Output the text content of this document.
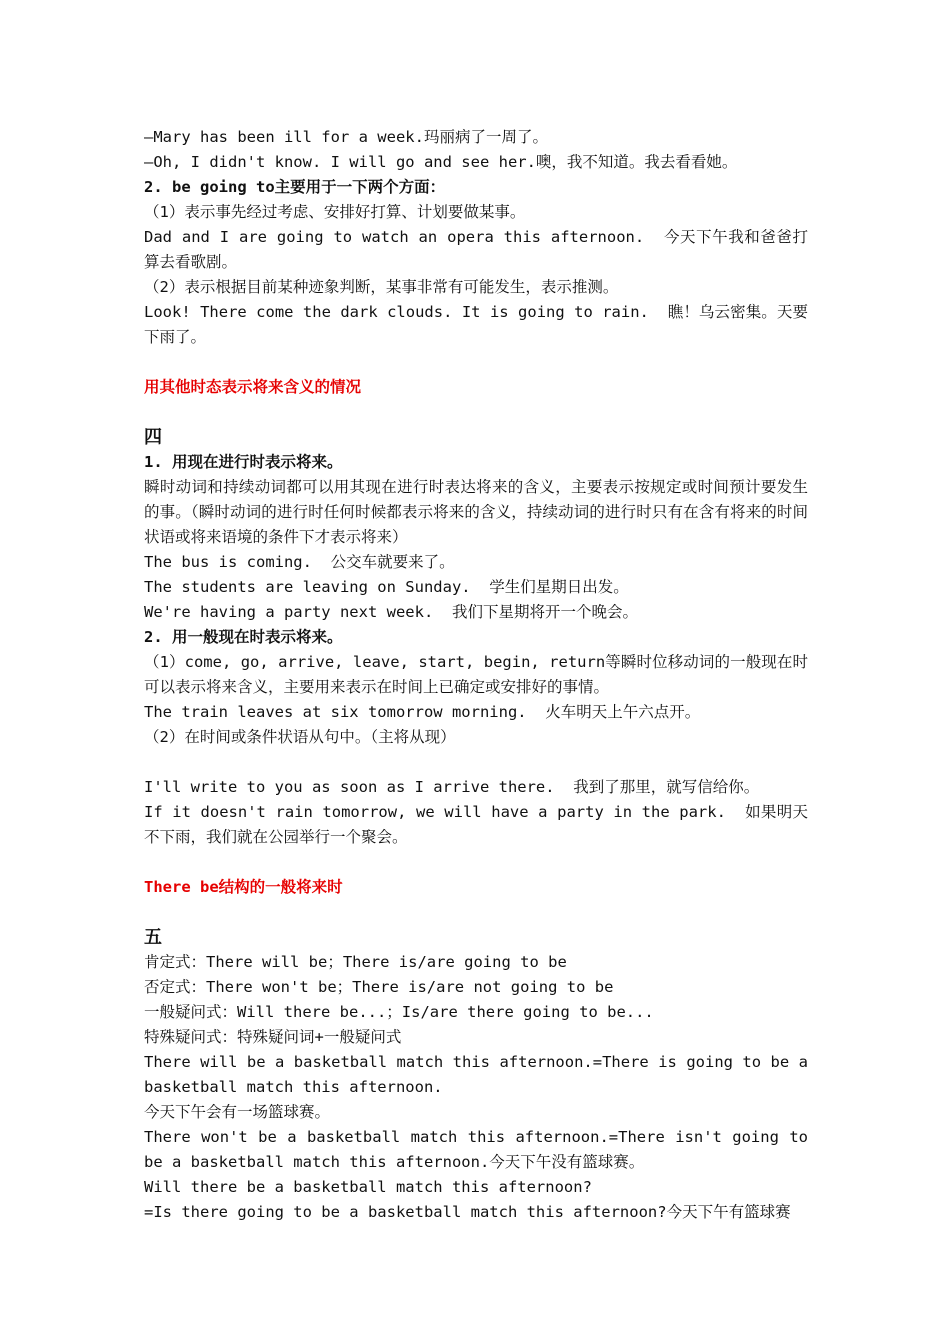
—Mary has been ill for a week.玛丽病了一周了。
—Oh, I didn't know. I will go and see her.噢，我不知道。我去看看她。
2. be going to主要用于一下两个方面：
（1）表示事先经过考虑、安排好打算、计划要做某事。
Dad and I are going to watch an opera this afternoon.  今天下午我和爸爸打算去看歌剧。
（2）表示根据目前某种迹象判断，某事非常有可能发生，表示推测。
Look! There come the dark clouds. It is going to rain.  瞧！乌云密集。天要下雨了。
用其他时态表示将来含义的情况
四
1. 用现在进行时表示将来。
瞬时动词和持续动词都可以用其现在进行时表达将来的含义，主要表示按规定或时间预计要发生的事。（瞬时动词的进行时任何时候都表示将来的含义，持续动词的进行时只有在含有将来的时间状语或将来语境的条件下才表示将来）
The bus is coming.  公交车就要来了。
The students are leaving on Sunday.  学生们星期日出发。
We're having a party next week.  我们下星期将开一个晚会。
2. 用一般现在时表示将来。
（1）come, go, arrive, leave, start, begin, return等瞬时位移动词的一般现在时可以表示将来含义，主要用来表示在时间上已确定或安排好的事情。
The train leaves at six tomorrow morning.  火车明天上午六点开。
（2）在时间或条件状语从句中。（主将从现）
I'll write to you as soon as I arrive there.  我到了那里，就写信给你。
If it doesn't rain tomorrow, we will have a party in the park.  如果明天不下雨，我们就在公园举行一个聚会。
There be结构的一般将来时
五
肯定式：There will be；There is/are going to be
否定式：There won't be；There is/are not going to be
一般疑问式：Will there be...；Is/are there going to be...
特殊疑问式：特殊疑问词+一般疑问式
There will be a basketball match this afternoon.=There is going to be a basketball match this afternoon.
今天下午会有一场篮球赛。
There won't be a basketball match this afternoon.=There isn't going to be a basketball match this afternoon.今天下午没有篮球赛。
Will there be a basketball match this afternoon?
=Is there going to be a basketball match this afternoon?今天下午有篮球赛
